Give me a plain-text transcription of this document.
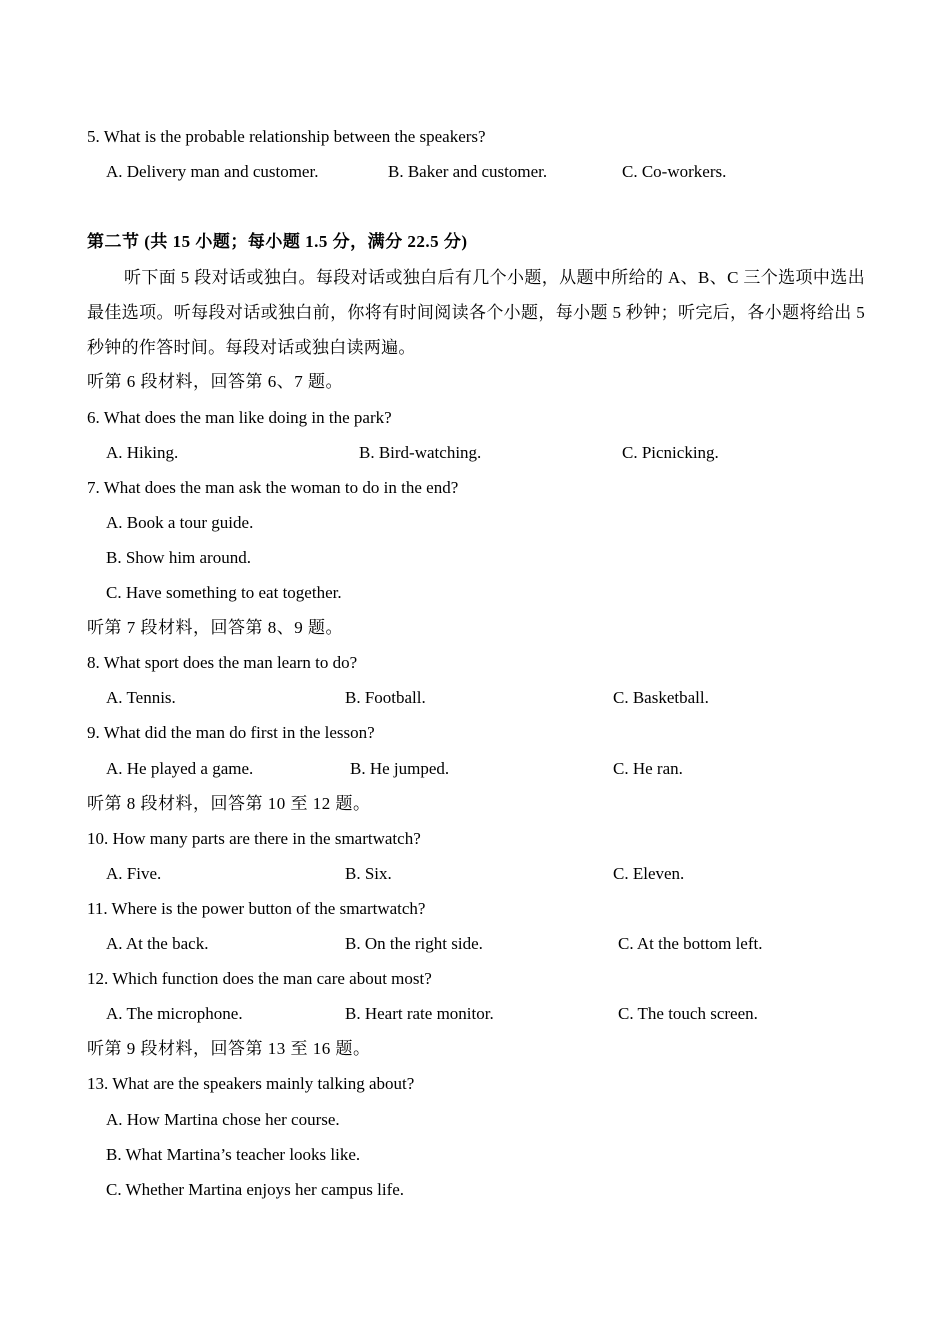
5. What is the probable relationship between the speakers?
A. Delivery man and customer.	B. Baker and customer.	C. Co-workers.
第二节 (共 15 小题；每小题 1.5 分，满分 22.5 分)
听下面 5 段对话或独白。每段对话或独白后有几个小题，从题中所给的 A、B、C 三个选项中选出最佳选项。听每段对话或独白前，你将有时间阅读各个小题，每小题 5 秒钟；听完后，各小题将给出 5 秒钟的作答时间。每段对话或独白读两遍。
听第 6 段材料，回答第 6、7 题。
6. What does the man like doing in the park?
A. Hiking.	B. Bird-watching.	C. Picnicking.
7. What does the man ask the woman to do in the end?
A. Book a tour guide.
B. Show him around.
C. Have something to eat together.
听第 7 段材料，回答第 8、9 题。
8. What sport does the man learn to do?
A. Tennis.	B. Football.	C. Basketball.
9. What did the man do first in the lesson?
A. He played a game.	B. He jumped.	C. He ran.
听第 8 段材料，回答第 10 至 12 题。
10. How many parts are there in the smartwatch?
A. Five.	B. Six.	C. Eleven.
11. Where is the power button of the smartwatch?
A. At the back.	B. On the right side.	C. At the bottom left.
12. Which function does the man care about most?
A. The microphone.	B. Heart rate monitor.	C. The touch screen.
听第 9 段材料，回答第 13 至 16 题。
13. What are the speakers mainly talking about?
A. How Martina chose her course.
B. What Martina’s teacher looks like.
C. Whether Martina enjoys her campus life.
